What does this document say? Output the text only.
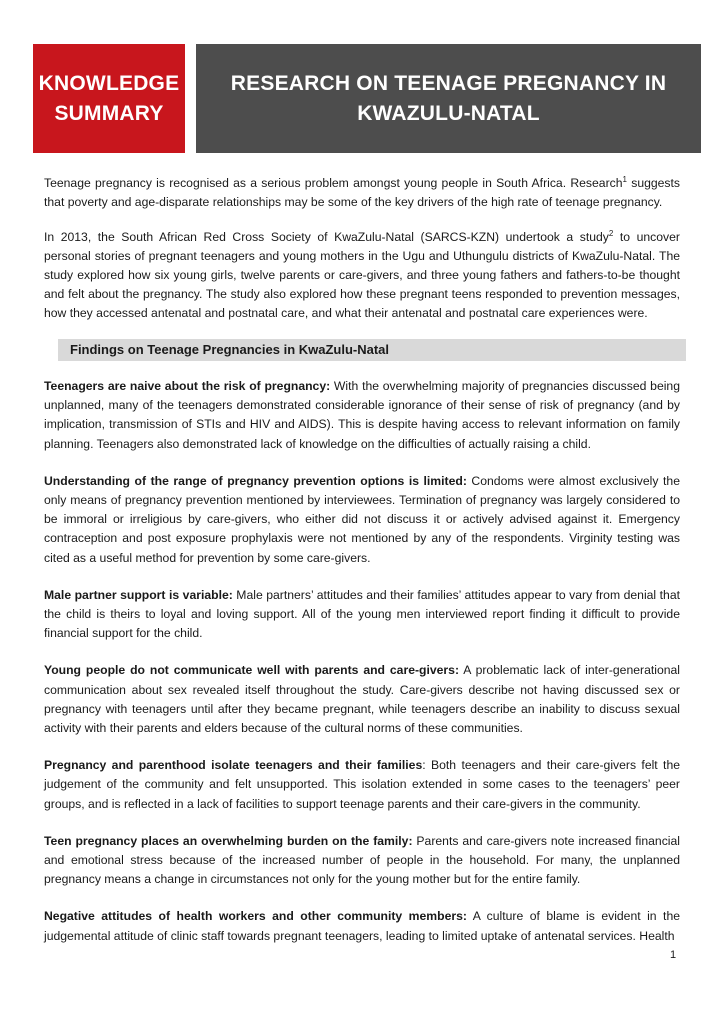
KNOWLEDGE
SUMMARY
RESEARCH ON TEENAGE PREGNANCY IN
KWAZULU-NATAL

Teenage pregnancy is recognised as a serious problem amongst young people in South Africa. Research$^1$ suggests that poverty and age-disparate relationships may be some of the key drivers of the high rate of teenage pregnancy.

In 2013, the South African Red Cross Society of KwaZulu-Natal (SARCS-KZN) undertook a study$^2$ to uncover personal stories of pregnant teenagers and young mothers in the Ugu and Uthungulu districts of KwaZulu-Natal. The study explored how six young girls, twelve parents or care-givers, and three young fathers and fathers-to-be thought and felt about the pregnancy. The study also explored how these pregnant teens responded to prevention messages, how they accessed antenatal and postnatal care, and what their antenatal and postnatal care experiences were.

Findings on Teenage Pregnancies in KwaZulu-Natal
Teenagers are naive about the risk of pregnancy: With the overwhelming majority of pregnancies discussed being unplanned, many of the teenagers demonstrated considerable ignorance of their sense of risk of pregnancy (and by implication, transmission of STIs and HIV and AIDS). This is despite having access to relevant information on family planning. Teenagers also demonstrated lack of knowledge on the difficulties of actually raising a child.
Understanding of the range of pregnancy prevention options is limited: Condoms were almost exclusively the only means of pregnancy prevention mentioned by interviewees. Termination of pregnancy was largely considered to be immoral or irreligious by care-givers, who either did not discuss it or actively advised against it. Emergency contraception and post exposure prophylaxis were not mentioned by any of the respondents. Virginity testing was cited as a useful method for prevention by some care-givers.
Male partner support is variable: Male partners’ attitudes and their families’ attitudes appear to vary from denial that the child is theirs to loyal and loving support. All of the young men interviewed report finding it difficult to provide financial support for the child.
Young people do not communicate well with parents and care-givers: A problematic lack of inter-generational communication about sex revealed itself throughout the study. Care-givers describe not having discussed sex or pregnancy with teenagers until after they became pregnant, while teenagers describe an inability to discuss sexual activity with their parents and elders because of the cultural norms of these communities.
Pregnancy and parenthood isolate teenagers and their families: Both teenagers and their care-givers felt the judgement of the community and felt unsupported. This isolation extended in some cases to the teenagers’ peer groups, and is reflected in a lack of facilities to support teenage parents and their care-givers in the community.
Teen pregnancy places an overwhelming burden on the family: Parents and care-givers note increased financial and emotional stress because of the increased number of people in the household. For many, the unplanned pregnancy means a change in circumstances not only for the young mother but for the entire family.
Negative attitudes of health workers and other community members: A culture of blame is evident in the judgemental attitude of clinic staff towards pregnant teenagers, leading to limited uptake of antenatal services. Health
1
